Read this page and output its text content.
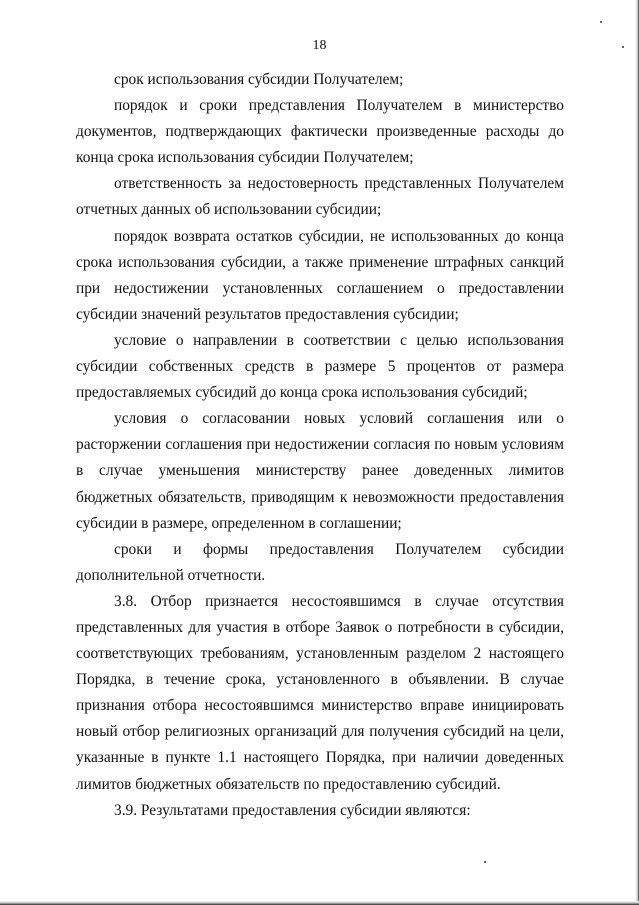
18

срок использования субсидии Получателем;

порядок и сроки представления Получателем в министерство документов, подтверждающих фактически произведенные расходы до конца срока использования субсидии Получателем;

ответственность за недостоверность представленных Получателем отчетных данных об использовании субсидии;

порядок возврата остатков субсидии, не использованных до конца срока использования субсидии, а также применение штрафных санкций при недостижении установленных соглашением о предоставлении субсидии значений результатов предоставления субсидии;

условие о направлении в соответствии с целью использования субсидии собственных средств в размере 5 процентов от размера предоставляемых субсидий до конца срока использования субсидий;

условия о согласовании новых условий соглашения или о расторжении соглашения при недостижении согласия по новым условиям в случае уменьшения министерству ранее доведенных лимитов бюджетных обязательств, приводящим к невозможности предоставления субсидии в размере, определенном в соглашении;

сроки и формы предоставления Получателем субсидии дополнительной отчетности.

3.8. Отбор признается несостоявшимся в случае отсутствия представленных для участия в отборе Заявок о потребности в субсидии, соответствующих требованиям, установленным разделом 2 настоящего Порядка, в течение срока, установленного в объявлении. В случае признания отбора несостоявшимся министерство вправе инициировать новый отбор религиозных организаций для получения субсидий на цели, указанные в пункте 1.1 настоящего Порядка, при наличии доведенных лимитов бюджетных обязательств по предоставлению субсидий.

3.9. Результатами предоставления субсидии являются:
